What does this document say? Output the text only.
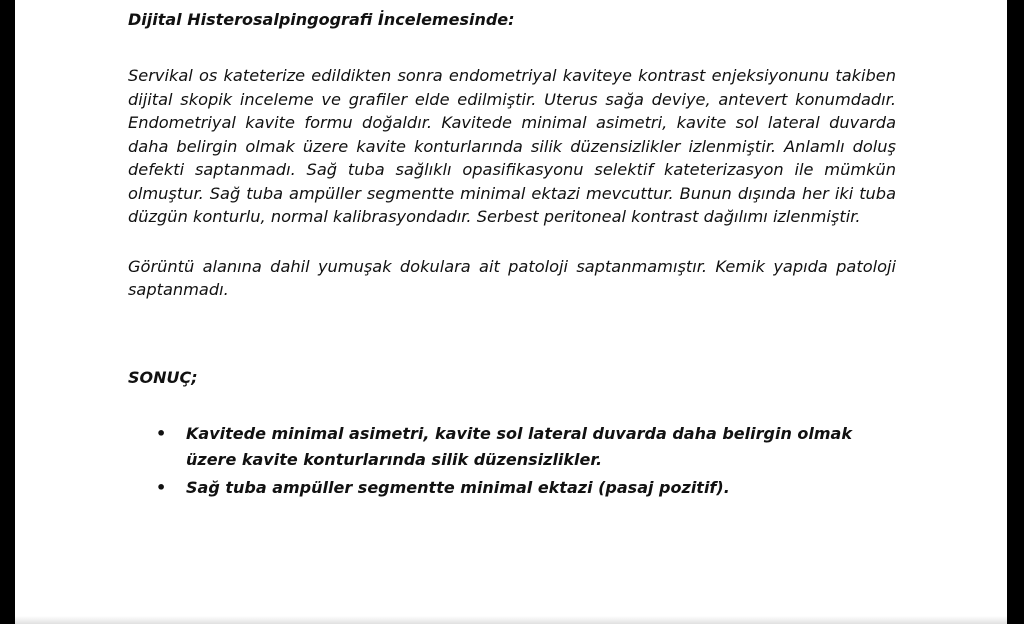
Dijital Histerosalpingografi İncelemesinde:

Servikal os kateterize edildikten sonra endometriyal kaviteye kontrast enjeksiyonunu takiben dijital skopik inceleme ve grafiler elde edilmiştir. Uterus sağa deviye, antevert konumdadır. Endometriyal kavite formu doğaldır. Kavitede minimal asimetri, kavite sol lateral duvarda daha belirgin olmak üzere kavite konturlarında silik düzensizlikler izlenmiştir. Anlamlı doluş defekti saptanmadı. Sağ tuba sağlıklı opasifikasyonu selektif kateterizasyon ile mümkün olmuştur. Sağ tuba ampüller segmentte minimal ektazi mevcuttur. Bunun dışında her iki tuba düzgün konturlu, normal kalibrasyondadır. Serbest peritoneal kontrast dağılımı izlenmiştir.

Görüntü alanına dahil yumuşak dokulara ait patoloji saptanmamıştır. Kemik yapıda patoloji saptanmadı.

SONUÇ;

• Kavitede minimal asimetri, kavite sol lateral duvarda daha belirgin olmak üzere kavite konturlarında silik düzensizlikler.
• Sağ tuba ampüller segmentte minimal ektazi (pasaj pozitif).
